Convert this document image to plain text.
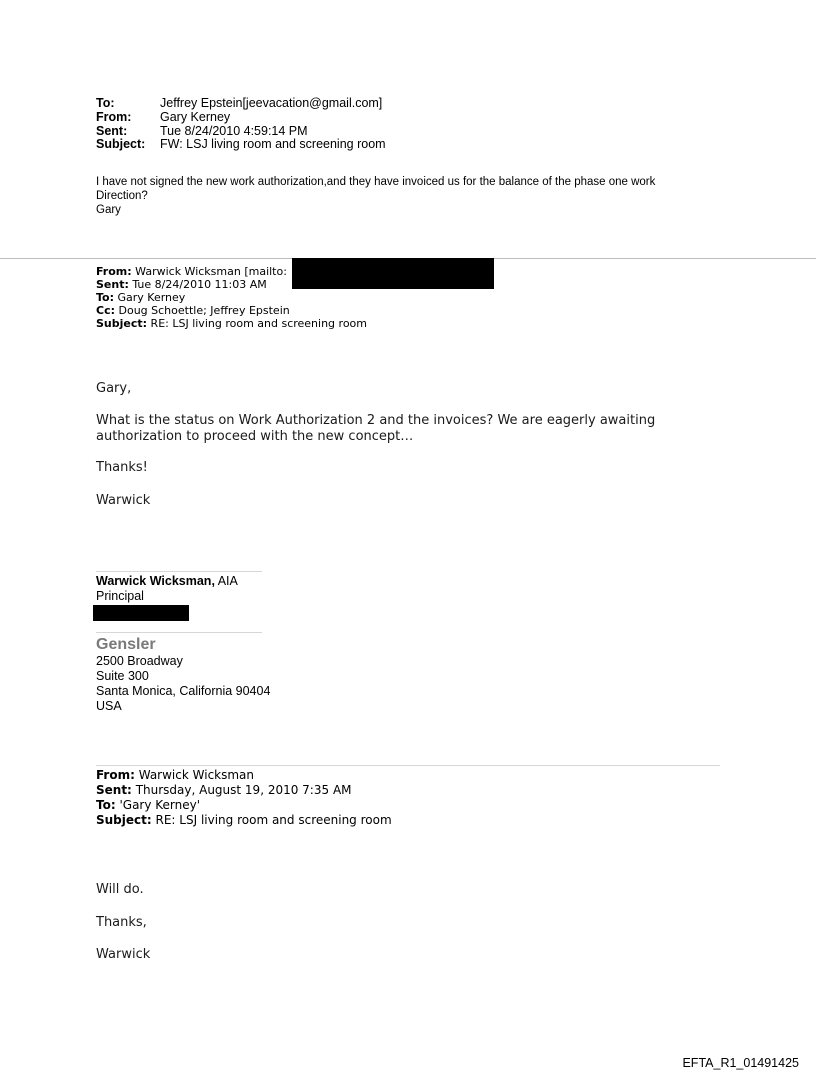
To:	Jeffrey Epstein[jeevacation@gmail.com]
From:	Gary Kerney
Sent:	Tue 8/24/2010 4:59:14 PM
Subject:	FW: LSJ living room and screening room
I have not signed the new work authorization,and they have invoiced us for the balance of the phase one work
Direction?
Gary
From: Warwick Wicksman [mailto:
Sent: Tue 8/24/2010 11:03 AM
To: Gary Kerney
Cc: Doug Schoettle; Jeffrey Epstein
Subject: RE: LSJ living room and screening room
Gary,
What is the status on Work Authorization 2 and the invoices? We are eagerly awaiting
authorization to proceed with the new concept…
Thanks!
Warwick
Warwick Wicksman, AIA
Principal
Gensler
2500 Broadway
Suite 300
Santa Monica, California 90404
USA
From: Warwick Wicksman
Sent: Thursday, August 19, 2010 7:35 AM
To: 'Gary Kerney'
Subject: RE: LSJ living room and screening room
Will do.
Thanks,
Warwick
EFTA_R1_01491425
